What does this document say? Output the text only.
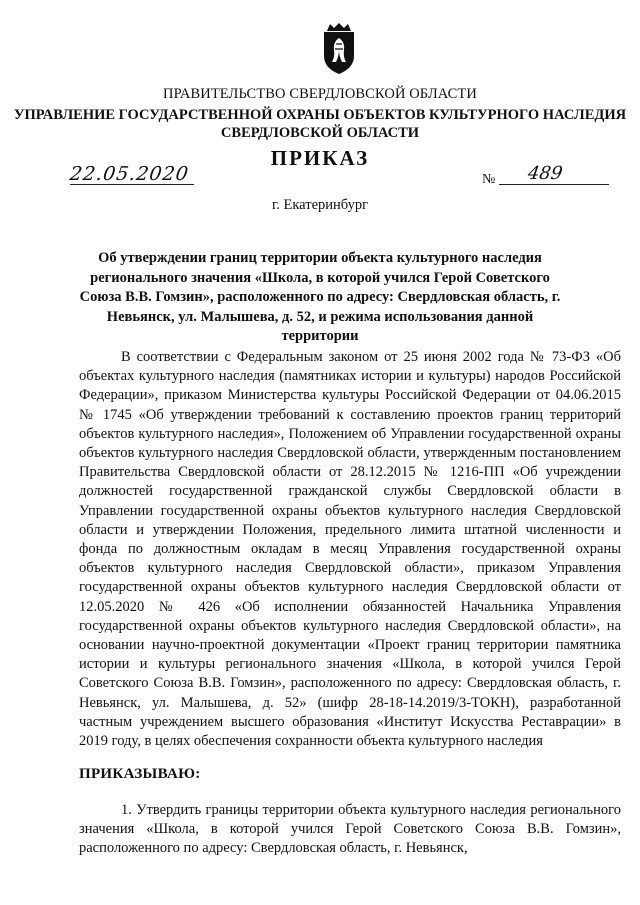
ПРАВИТЕЛЬСТВО СВЕРДЛОВСКОЙ ОБЛАСТИ
УПРАВЛЕНИЕ ГОСУДАРСТВЕННОЙ ОХРАНЫ ОБЪЕКТОВ КУЛЬТУРНОГО НАСЛЕДИЯ
СВЕРДЛОВСКОЙ ОБЛАСТИ
ПРИКАЗ
22.05.2020	№ 489
г. Екатеринбург
Об утверждении границ территории объекта культурного наследия регионального значения «Школа, в которой учился Герой Советского Союза В.В. Гомзин», расположенного по адресу: Свердловская область, г. Невьянск, ул. Малышева, д. 52, и режима использования данной территории

В соответствии с Федеральным законом от 25 июня 2002 года № 73-ФЗ «Об объектах культурного наследия (памятниках истории и культуры) народов Российской Федерации», приказом Министерства культуры Российской Федерации от 04.06.2015 № 1745 «Об утверждении требований к составлению проектов границ территорий объектов культурного наследия», Положением об Управлении государственной охраны объектов культурного наследия Свердловской области, утвержденным постановлением Правительства Свердловской области от 28.12.2015 № 1216-ПП «Об учреждении должностей государственной гражданской службы Свердловской области в Управлении государственной охраны объектов культурного наследия Свердловской области и утверждении Положения, предельного лимита штатной численности и фонда по должностным окладам в месяц Управления государственной охраны объектов культурного наследия Свердловской области», приказом Управления государственной охраны объектов культурного наследия Свердловской области от 12.05.2020 № 426 «Об исполнении обязанностей Начальника Управления государственной охраны объектов культурного наследия Свердловской области», на основании научно-проектной документации «Проект границ территории памятника истории и культуры регионального значения «Школа, в которой учился Герой Советского Союза В.В. Гомзин», расположенного по адресу: Свердловская область, г. Невьянск, ул. Малышева, д. 52» (шифр 28-18-14.2019/3-ТОКН), разработанной частным учреждением высшего образования «Институт Искусства Реставрации» в 2019 году, в целях обеспечения сохранности объекта культурного наследия

ПРИКАЗЫВАЮ:

1. Утвердить границы территории объекта культурного наследия регионального значения «Школа, в которой учился Герой Советского Союза В.В. Гомзин», расположенного по адресу: Свердловская область, г. Невьянск,
